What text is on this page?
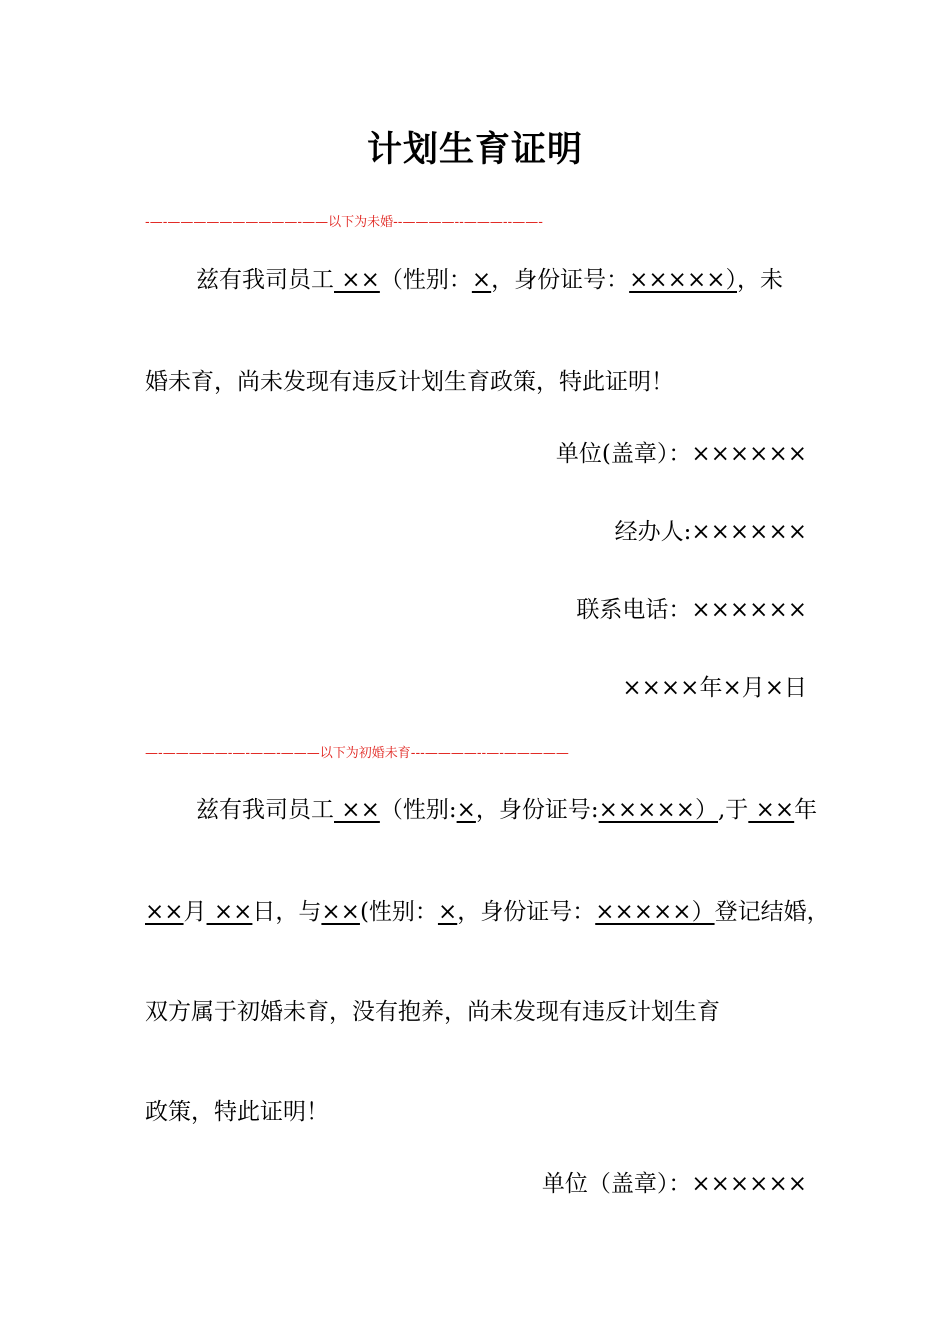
计划生育证明
-—-——————————-——以下为未婚--————--———--——-
兹有我司员工 ××（性别：×，身份证号：×××××），未
婚未育，尚未发现有违反计划生育政策，特此证明！
单位(盖章）：××××××
经办人:××××××
联系电话：××××××
××××年×月×日
—-—————-—-——-———以下为初婚未育---————--—-—————
兹有我司员工 ××（性别:×，身份证号:×××××）,于 ××年
××月 ××日，与××(性别：×，身份证号：×××××）登记结婚，
双方属于初婚未育，没有抱养，尚未发现有违反计划生育
政策，特此证明！
单位（盖章）：××××××
